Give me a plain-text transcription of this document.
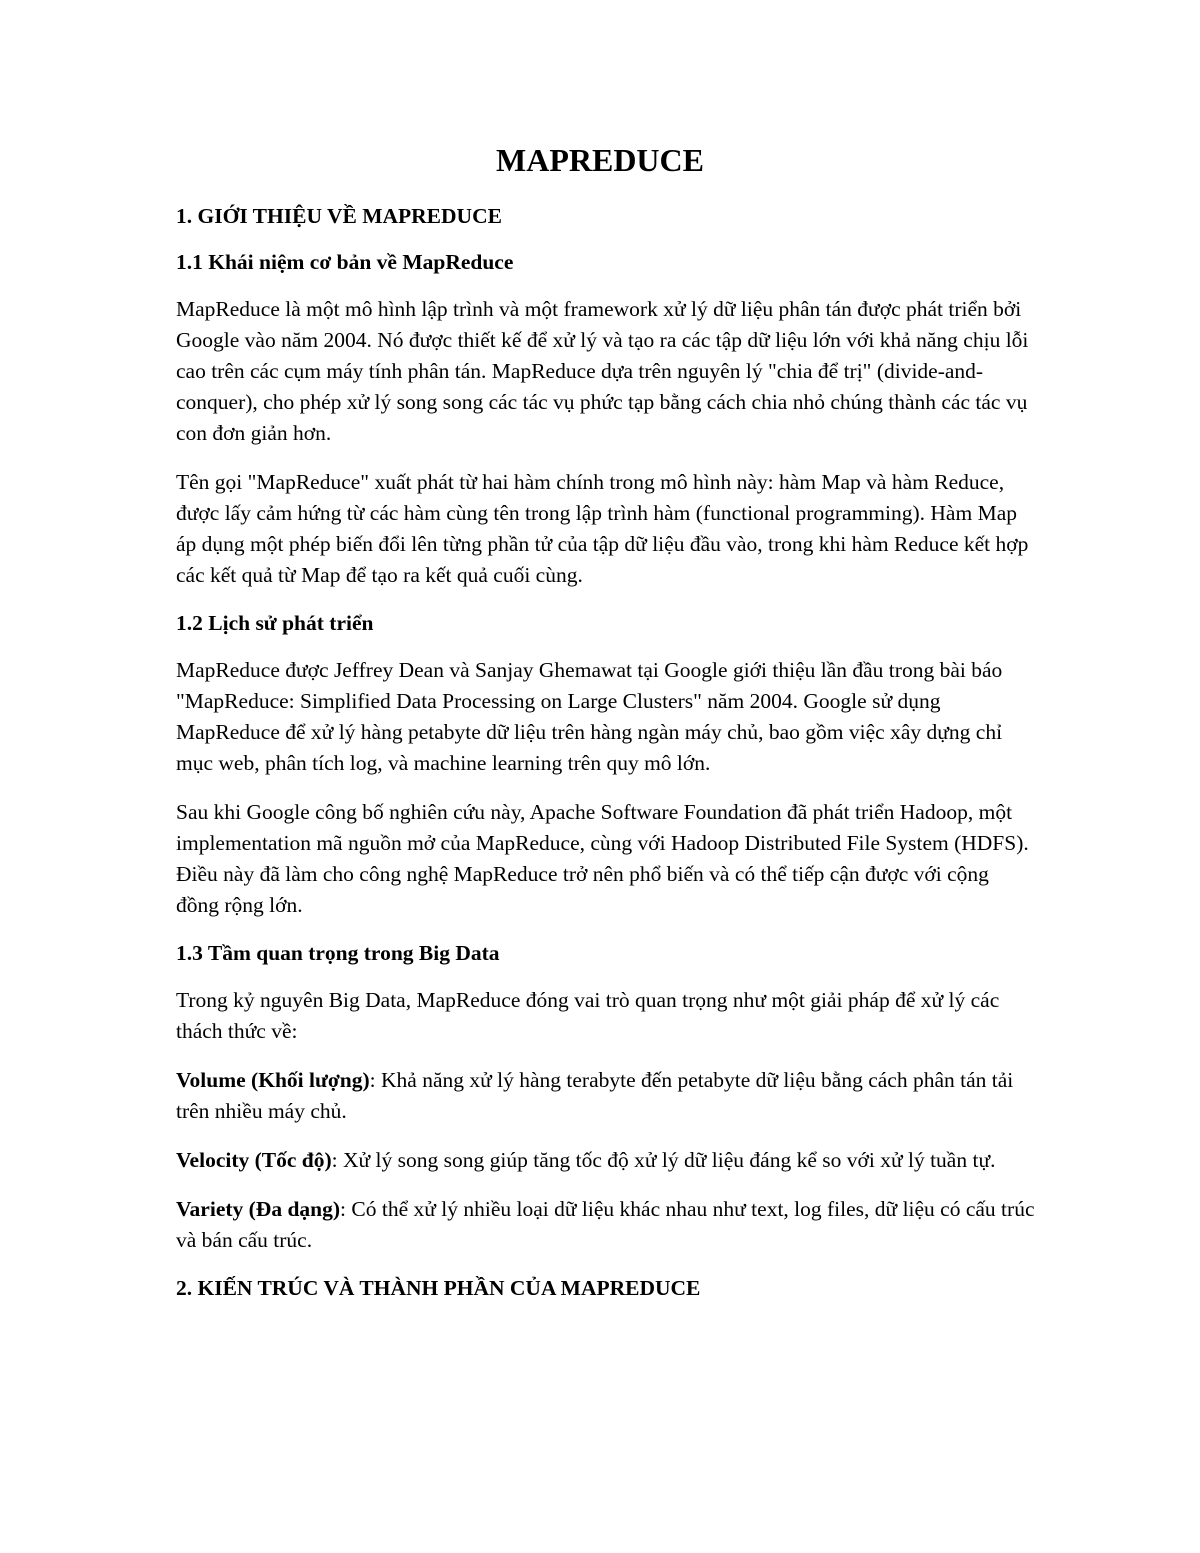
MAPREDUCE
1. GIỚI THIỆU VỀ MAPREDUCE
1.1 Khái niệm cơ bản về MapReduce

MapReduce là một mô hình lập trình và một framework xử lý dữ liệu phân tán được phát triển bởi Google vào năm 2004. Nó được thiết kế để xử lý và tạo ra các tập dữ liệu lớn với khả năng chịu lỗi cao trên các cụm máy tính phân tán. MapReduce dựa trên nguyên lý "chia để trị" (divide-and-conquer), cho phép xử lý song song các tác vụ phức tạp bằng cách chia nhỏ chúng thành các tác vụ con đơn giản hơn.

Tên gọi "MapReduce" xuất phát từ hai hàm chính trong mô hình này: hàm Map và hàm Reduce, được lấy cảm hứng từ các hàm cùng tên trong lập trình hàm (functional programming). Hàm Map áp dụng một phép biến đổi lên từng phần tử của tập dữ liệu đầu vào, trong khi hàm Reduce kết hợp các kết quả từ Map để tạo ra kết quả cuối cùng.

1.2 Lịch sử phát triển

MapReduce được Jeffrey Dean và Sanjay Ghemawat tại Google giới thiệu lần đầu trong bài báo "MapReduce: Simplified Data Processing on Large Clusters" năm 2004. Google sử dụng MapReduce để xử lý hàng petabyte dữ liệu trên hàng ngàn máy chủ, bao gồm việc xây dựng chỉ mục web, phân tích log, và machine learning trên quy mô lớn.

Sau khi Google công bố nghiên cứu này, Apache Software Foundation đã phát triển Hadoop, một implementation mã nguồn mở của MapReduce, cùng với Hadoop Distributed File System (HDFS). Điều này đã làm cho công nghệ MapReduce trở nên phổ biến và có thể tiếp cận được với cộng đồng rộng lớn.

1.3 Tầm quan trọng trong Big Data

Trong kỷ nguyên Big Data, MapReduce đóng vai trò quan trọng như một giải pháp để xử lý các thách thức về:

Volume (Khối lượng): Khả năng xử lý hàng terabyte đến petabyte dữ liệu bằng cách phân tán tải trên nhiều máy chủ.

Velocity (Tốc độ): Xử lý song song giúp tăng tốc độ xử lý dữ liệu đáng kể so với xử lý tuần tự.

Variety (Đa dạng): Có thể xử lý nhiều loại dữ liệu khác nhau như text, log files, dữ liệu có cấu trúc và bán cấu trúc.

2. KIẾN TRÚC VÀ THÀNH PHẦN CỦA MAPREDUCE
